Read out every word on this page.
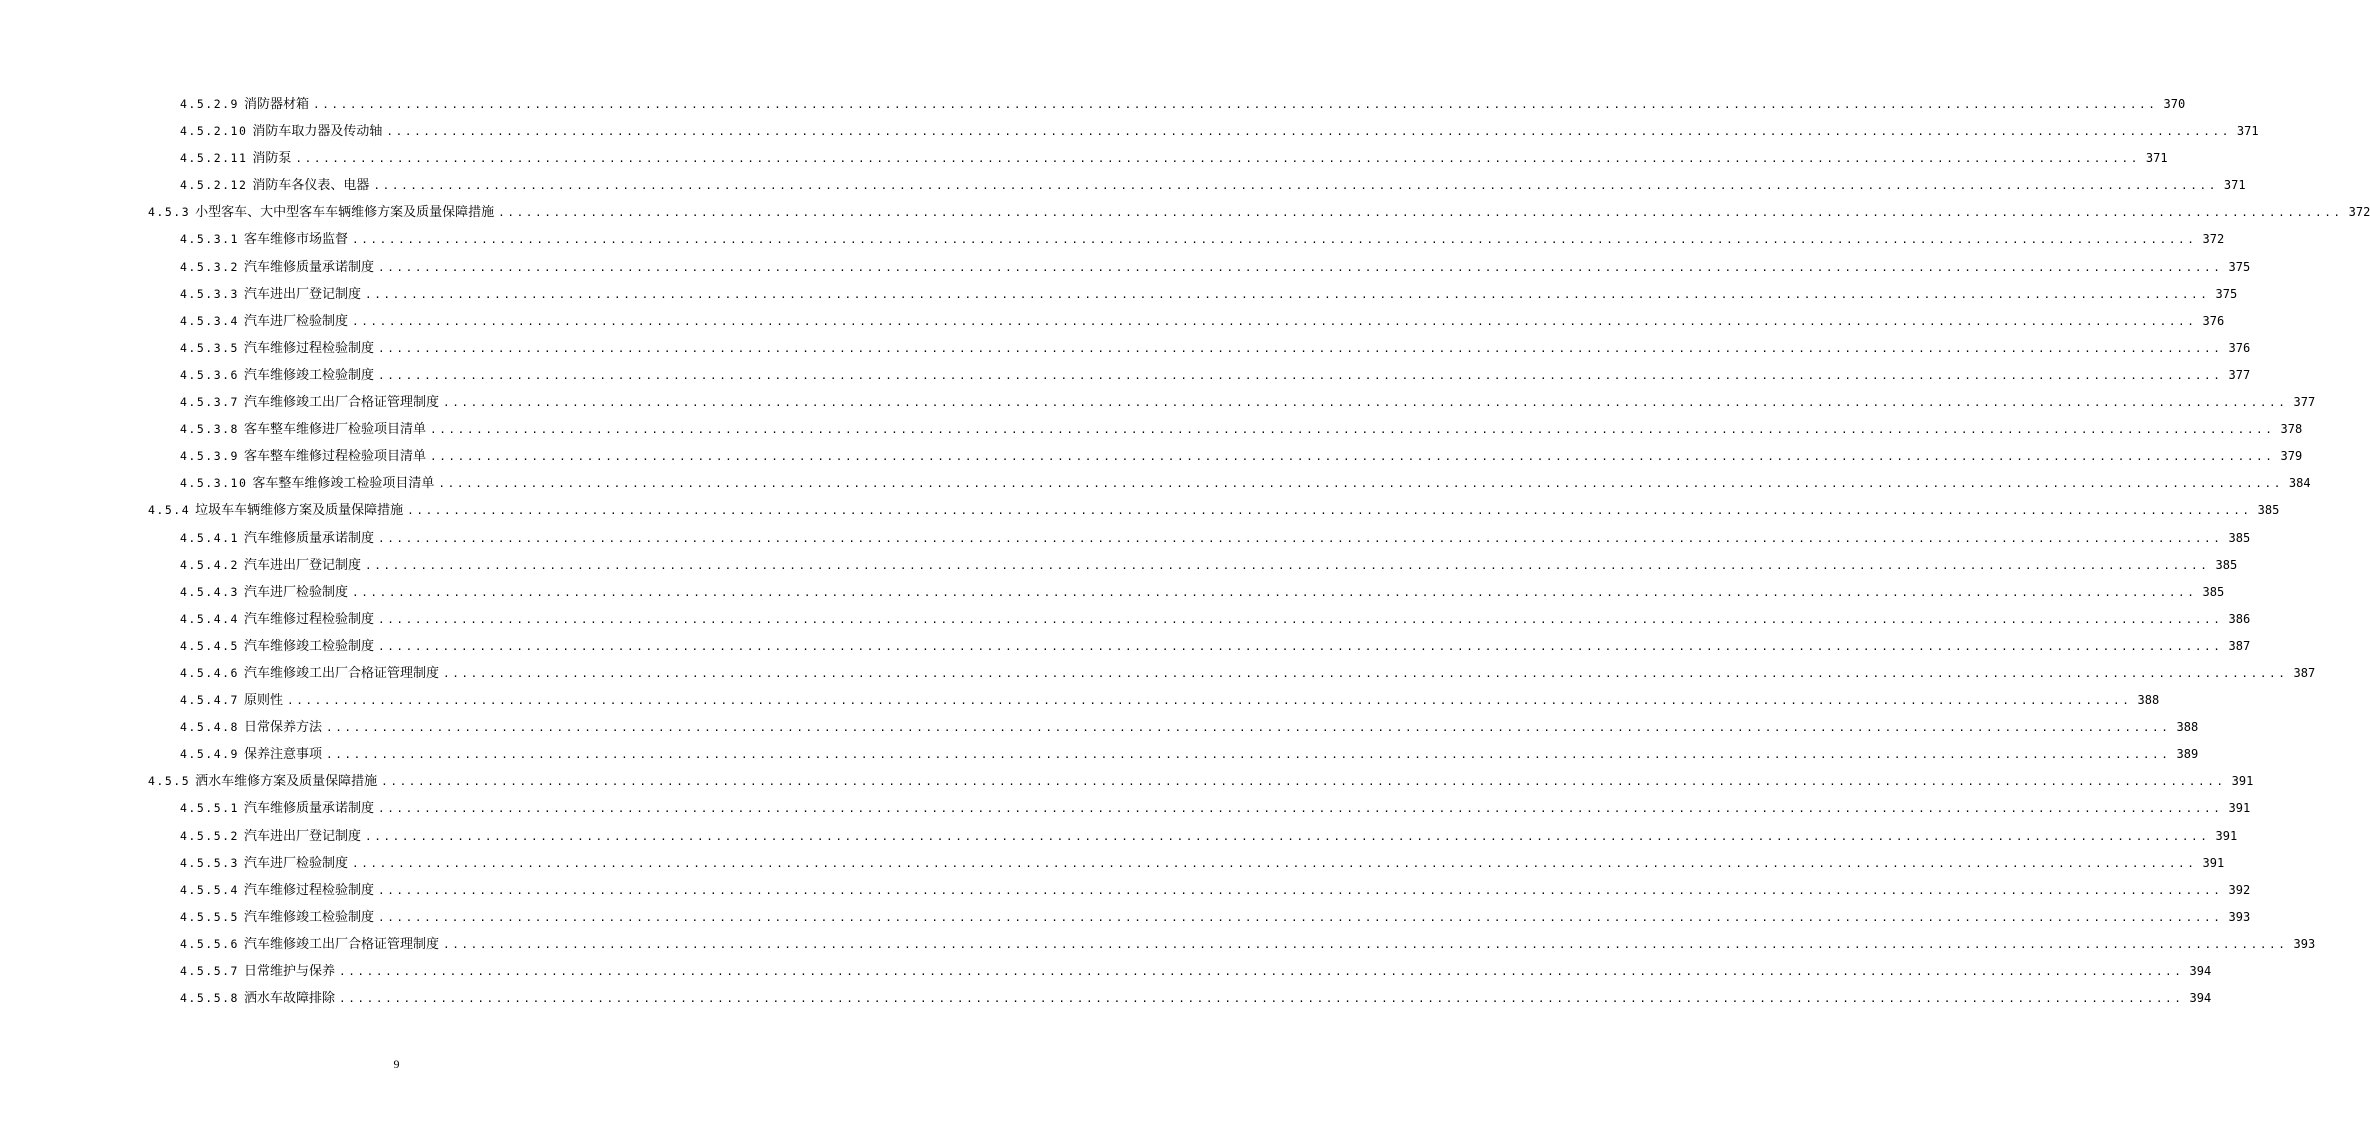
4.5.2.9 消防器材箱 ........................................................................................................................................................................................................ 370
4.5.2.10 消防车取力器及传动轴 ........................................................................................................................................................................................................ 371
4.5.2.11 消防泵 ........................................................................................................................................................................................................ 371
4.5.2.12 消防车各仪表、电器 ........................................................................................................................................................................................................ 371
4.5.3 小型客车、大中型客车车辆维修方案及质量保障措施 ........................................................................................................................................................................................................ 372
4.5.3.1 客车维修市场监督 ........................................................................................................................................................................................................ 372
4.5.3.2 汽车维修质量承诺制度 ........................................................................................................................................................................................................ 375
4.5.3.3 汽车进出厂登记制度 ........................................................................................................................................................................................................ 375
4.5.3.4 汽车进厂检验制度 ........................................................................................................................................................................................................ 376
4.5.3.5 汽车维修过程检验制度 ........................................................................................................................................................................................................ 376
4.5.3.6 汽车维修竣工检验制度 ........................................................................................................................................................................................................ 377
4.5.3.7 汽车维修竣工出厂合格证管理制度 ........................................................................................................................................................................................................ 377
4.5.3.8 客车整车维修进厂检验项目清单 ........................................................................................................................................................................................................ 378
4.5.3.9 客车整车维修过程检验项目清单 ........................................................................................................................................................................................................ 379
4.5.3.10 客车整车维修竣工检验项目清单 ........................................................................................................................................................................................................ 384
4.5.4 垃圾车车辆维修方案及质量保障措施 ........................................................................................................................................................................................................ 385
4.5.4.1 汽车维修质量承诺制度 ........................................................................................................................................................................................................ 385
4.5.4.2 汽车进出厂登记制度 ........................................................................................................................................................................................................ 385
4.5.4.3 汽车进厂检验制度 ........................................................................................................................................................................................................ 385
4.5.4.4 汽车维修过程检验制度 ........................................................................................................................................................................................................ 386
4.5.4.5 汽车维修竣工检验制度 ........................................................................................................................................................................................................ 387
4.5.4.6 汽车维修竣工出厂合格证管理制度 ........................................................................................................................................................................................................ 387
4.5.4.7 原则性 ........................................................................................................................................................................................................ 388
4.5.4.8 日常保养方法 ........................................................................................................................................................................................................ 388
4.5.4.9 保养注意事项 ........................................................................................................................................................................................................ 389
4.5.5 洒水车维修方案及质量保障措施 ........................................................................................................................................................................................................ 391
4.5.5.1 汽车维修质量承诺制度 ........................................................................................................................................................................................................ 391
4.5.5.2 汽车进出厂登记制度 ........................................................................................................................................................................................................ 391
4.5.5.3 汽车进厂检验制度 ........................................................................................................................................................................................................ 391
4.5.5.4 汽车维修过程检验制度 ........................................................................................................................................................................................................ 392
4.5.5.5 汽车维修竣工检验制度 ........................................................................................................................................................................................................ 393
4.5.5.6 汽车维修竣工出厂合格证管理制度 ........................................................................................................................................................................................................ 393
4.5.5.7 日常维护与保养 ........................................................................................................................................................................................................ 394
4.5.5.8 洒水车故障排除 ........................................................................................................................................................................................................ 394
9
